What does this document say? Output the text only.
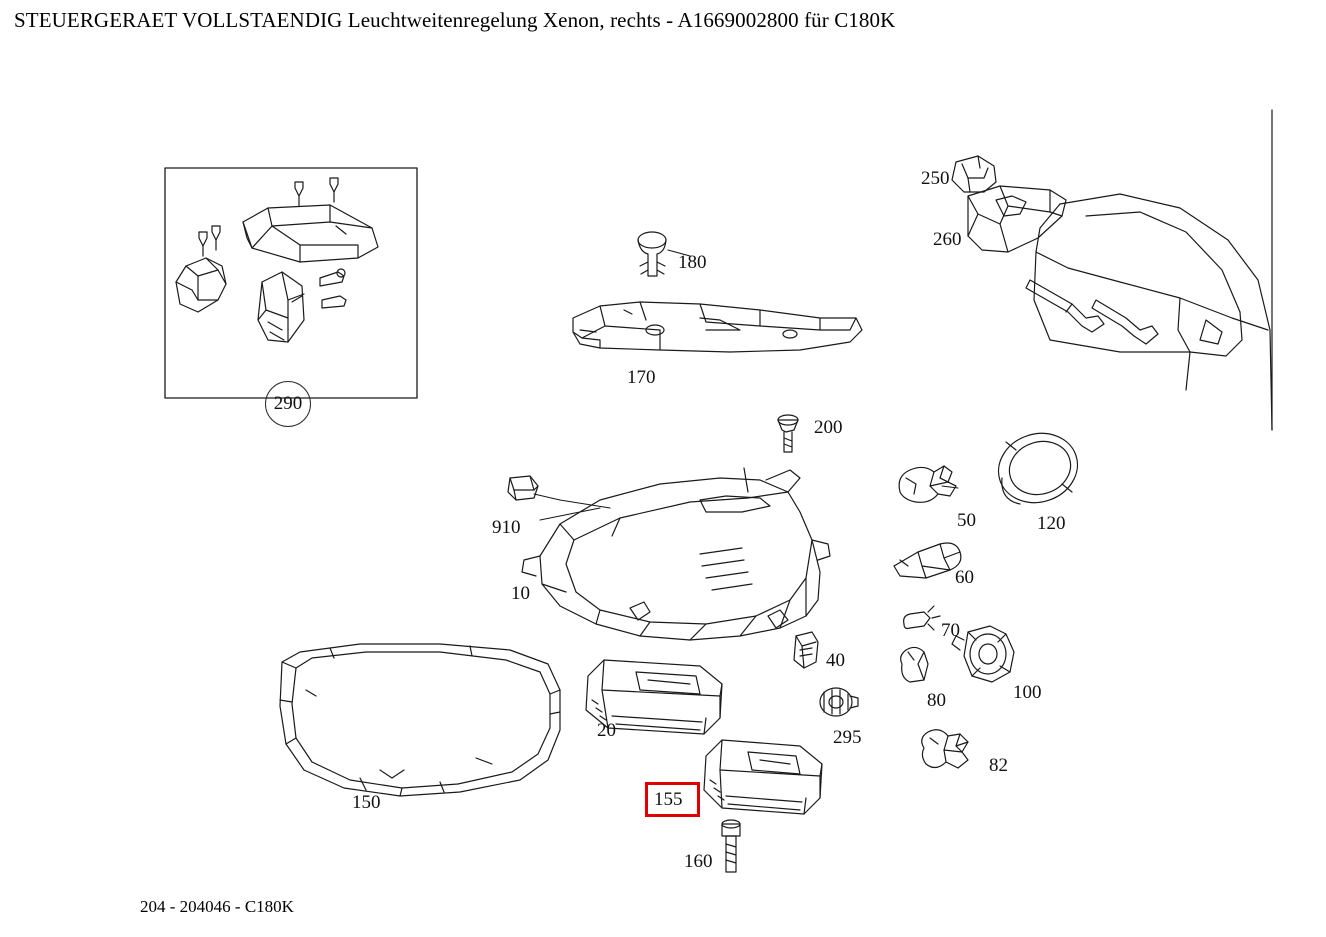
STEUERGERAET VOLLSTAENDIG Leuchtweitenregelung Xenon, rechts - A1669002800 für C180K
290
180
170
250
260
200
910
10
50	120
60
70
40
80	100
20	295
82
150
160
155
204 - 204046 - C180K
